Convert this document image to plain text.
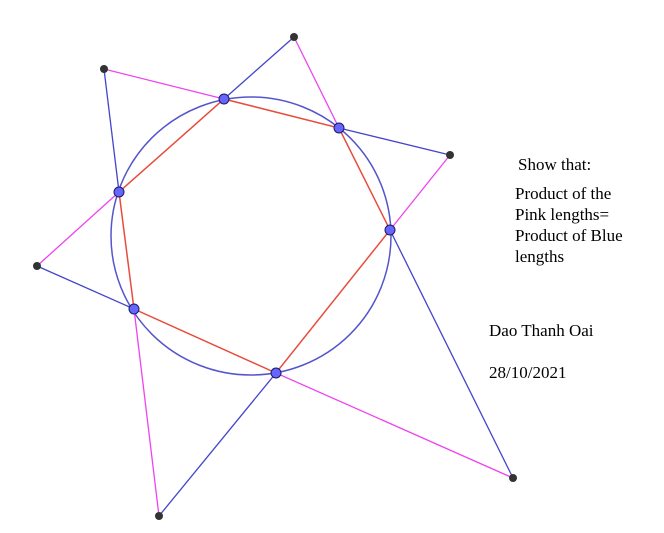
Show that:
Product of the
Pink lengths=
Product of Blue
lengths
Dao Thanh Oai
28/10/2021
